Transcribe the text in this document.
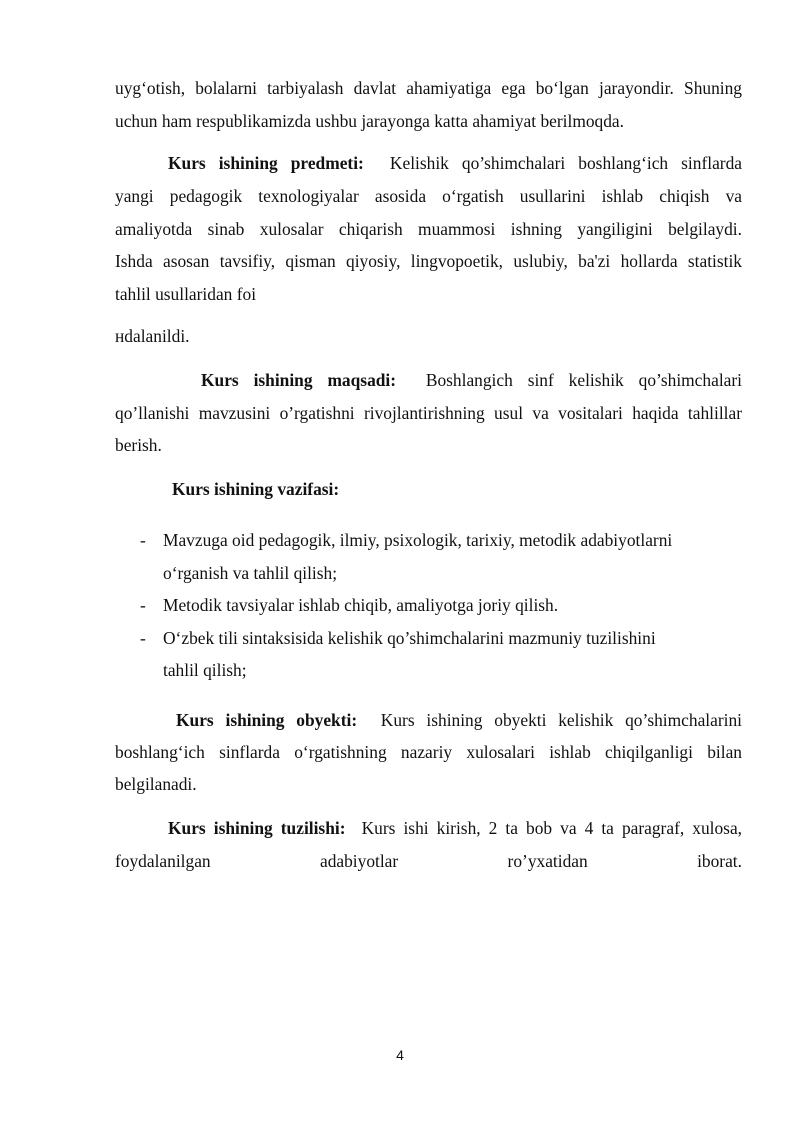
uyg‘otish, bolalarni tarbiyalash davlat ahamiyatiga ega bo‘lgan jarayondir. Shuning
uchun ham respublikamizda ushbu jarayonga katta ahamiyat berilmoqda.
Kurs ishining predmeti: Kelishik qo’shimchalari boshlang‘ich sinflarda
yangi pedagogik texnologiyalar asosida o‘rgatish usullarini ishlab chiqish va
amaliyotda sinab xulosalar chiqarish muammosi ishning yangiligini belgilaydi.
Ishda asosan tavsifiy, qisman qiyosiy, lingvopoetik, uslubiy, ba'zi hollarda statistik
tahlil usullaridan foi
нdalanildi.
Kurs ishining maqsadi: Boshlangich sinf kelishik qo’shimchalari
qo’llanishi mavzusini o’rgatishni rivojlantirishning usul va vositalari haqida tahlillar
berish.
Kurs ishining vazifasi:
- Mavzuga oid pedagogik, ilmiy, psixologik, tarixiy, metodik adabiyotlarni
o‘rganish va tahlil qilish;
- Metodik tavsiyalar ishlab chiqib, amaliyotga joriy qilish.
- O‘zbek tili sintaksisida kelishik qo’shimchalarini mazmuniy tuzilishini
tahlil qilish;
Kurs ishining obyekti: Kurs ishining obyekti kelishik qo’shimchalarini
boshlang‘ich sinflarda o‘rgatishning nazariy xulosalari ishlab chiqilganligi bilan
belgilanadi.
Kurs ishining tuzilishi: Kurs ishi kirish, 2 ta bob va 4 ta paragraf, xulosa,
foydalanilgan	adabiyotlar	ro’yxatidan	iborat.
4
